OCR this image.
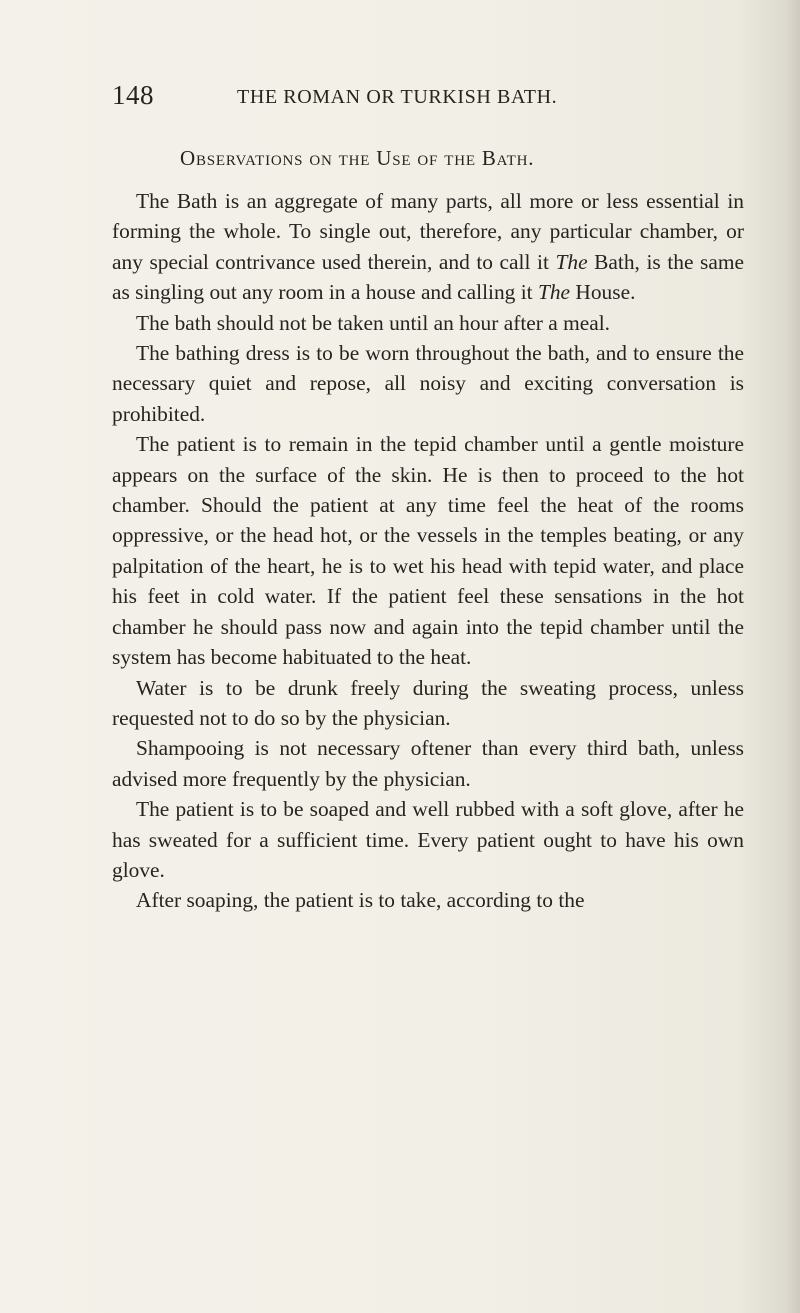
148	THE ROMAN OR TURKISH BATH.
Observations on the Use of the Bath.

The Bath is an aggregate of many parts, all more or less essential in forming the whole. To single out, therefore, any particular chamber, or any special contrivance used therein, and to call it The Bath, is the same as singling out any room in a house and calling it The House.

The bath should not be taken until an hour after a meal.

The bathing dress is to be worn throughout the bath, and to ensure the necessary quiet and repose, all noisy and exciting conversation is prohibited.

The patient is to remain in the tepid chamber until a gentle moisture appears on the surface of the skin. He is then to proceed to the hot chamber. Should the patient at any time feel the heat of the rooms oppressive, or the head hot, or the vessels in the temples beating, or any palpitation of the heart, he is to wet his head with tepid water, and place his feet in cold water. If the patient feel these sensations in the hot chamber he should pass now and again into the tepid chamber until the system has become habituated to the heat.

Water is to be drunk freely during the sweating process, unless requested not to do so by the physician.

Shampooing is not necessary oftener than every third bath, unless advised more frequently by the physician.

The patient is to be soaped and well rubbed with a soft glove, after he has sweated for a sufficient time. Every patient ought to have his own glove.

After soaping, the patient is to take, according to the
